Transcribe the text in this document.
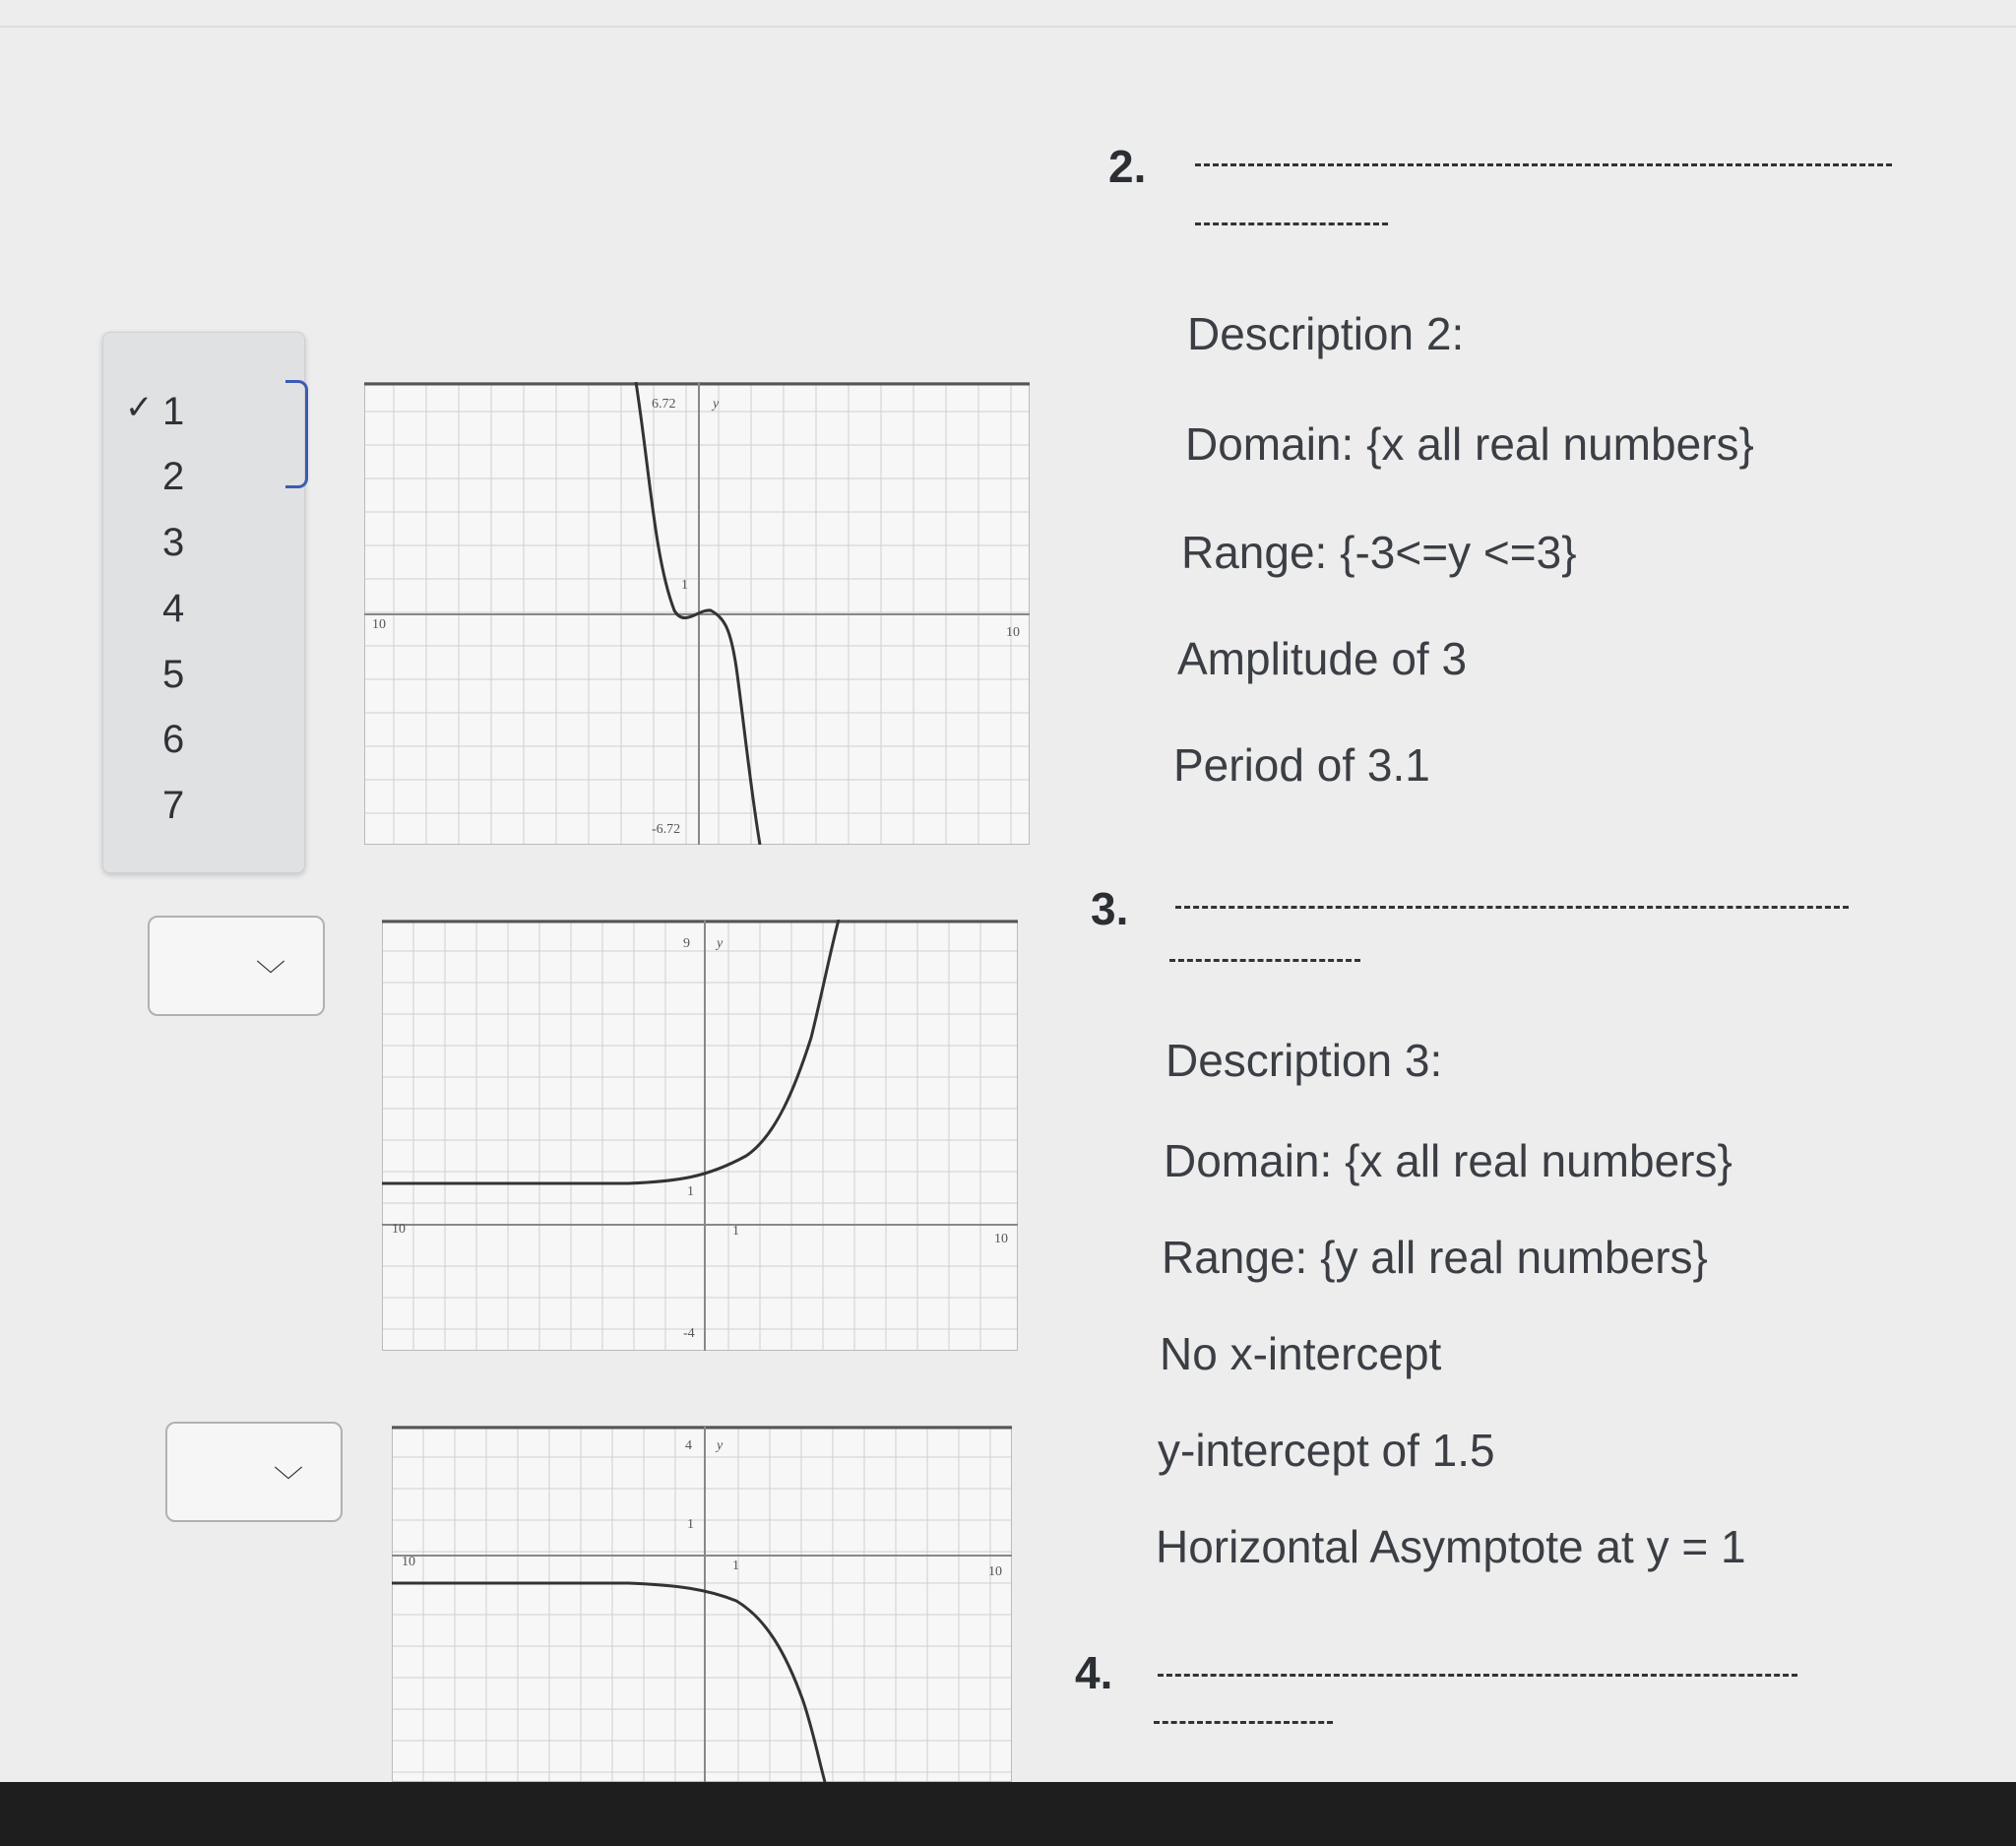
✓ 1
2
3
4
5
6
7
﹀
﹀
6.72	y
1
10
10
-6.72
9 y
1
1
10
10
-4
4 y
1
1
10
10
2.
Description 2:
Domain: {x all real numbers}
Range: {-3<=y <=3}
Amplitude of 3
Period of 3.1
3.
Description 3:
Domain: {x all real numbers}
Range: {y all real numbers}
No x-intercept
y-intercept of 1.5
Horizontal Asymptote at y = 1
4.
